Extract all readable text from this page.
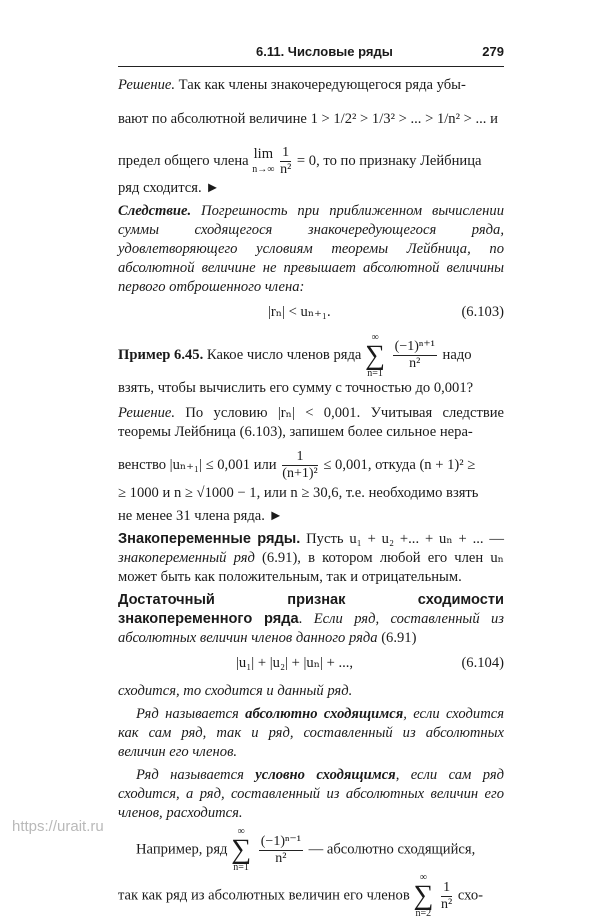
6.11. Числовые ряды	279

Решение. Так как члены знакочередующегося ряда убы-

вают по абсолютной величине 1 > 1/2² > 1/3² > ... > 1/n² > ... и

предел общего члена lim
$n\to\infty \frac{1}{\text{n²}} = 0$, то по признаку Лейбница

ряд сходится. ►

Следствие. Погрешность при приближенном вычислении суммы сходящегося знакочередующегося ряда, удовлетворяющего условиям теоремы Лейбница, по абсолютной величине не превышает абсолютной величины первого отброшенного члена:

|rₙ| < uₙ₊₁.	(6.103)

Пример 6.45. Какое число членов ряда ∞
∑
n=1
$\frac{\text{(−1)ⁿ⁺¹}}{\text{n²}}$ надо

взять, чтобы вычислить его сумму с точностью до 0,001?

Решение. По условию |rₙ| < 0,001. Учитывая следствие теоремы Лейбница (6.103), запишем более сильное нера-

венство |uₙ₊₁| ≤ 0,001 или $\frac{1}{\text{(n+1)²}} \le 0,001$, откуда (n + 1)² ≥

≥ 1000 и n ≥ √1000 − 1, или n ≥ 30,6, т.е. необходимо взять

не менее 31 члена ряда. ►

Знакопеременные ряды. Пусть u₁ + u₂ +... + uₙ + ... — знакопеременный ряд (6.91), в котором любой его член uₙ может быть как положительным, так и отрицательным.

Достаточный признак сходимости знакопеременного ряда. Если ряд, составленный из абсолютных величин членов данного ряда (6.91)

|u₁| + |u₂| + |uₙ| + ...,	(6.104)

сходится, то сходится и данный ряд.

Ряд называется абсолютно сходящимся, если сходится как сам ряд, так и ряд, составленный из абсолютных величин его членов.

Ряд называется условно сходящимся, если сам ряд сходится, а ряд, составленный из абсолютных величин его членов, расходится.

Например, ряд ∞
∑
n=1
$\frac{\text{(−1)ⁿ⁻¹}}{\text{n²}}$ — абсолютно сходящийся,

так как ряд из абсолютных величин его членов ∞
∑
n=2
$\frac{1}{\text{n²}} схо-$

https://urait.ru
